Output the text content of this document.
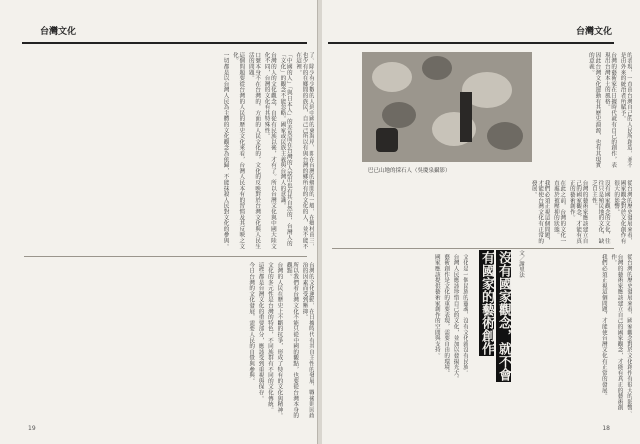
台灣文化
了。除少有少數的人到中國的東海岸，即在台灣的鄉間的一般，在鄉村由三，也少有的在鄉間的族民，自己己所以有與台灣的鄉所有的文化的人，並不能不在這裡。
「中國的人」「與日本人」的差異而在台灣的人說出也有其自然的，台灣人的「文化」的觀念不能忽略。國家或民族主義與台灣人的意識。
台灣的人的文化觀念，自從有民族以後，才有了。所以台灣文化與中國大陸文化不同，台灣的文化有其特殊性。
口號本身不在台灣的，方面的人民文化的，文化的反映對於台灣文化與人民生活的問題。
這個問題要從台灣的人民的歷史文化來看，台灣人民本有的習慣及其反映之文化。
一切都是以台灣人民為主體的文化觀念為依歸，不能抹殺人民對文化的參與。
台灣的文化運動，在日據時代有其自主性的發展，戰後則因政治的因素而受到壓抑。
所以我們看台灣文化不能只從中國的觀點，也要從台灣本身的觀點。
台灣的人民在歷史上不斷的抗爭，形成了特有的文化與精神。
文化的多元性是台灣的特色，不同族群有不同的文化傳統。
這些都是台灣文化的重要部分，應該受到重視與保存。
今日台灣的文化發展，需要人民的自覺與參與。
19
台灣文化
巴已山地的採石人（吳慶泉攝影）
的表現，一直由台灣自己的人民所創造，並不是由外來的統治者所賦予。
台灣的藝術家在日據時代就有自己的創作，表現出台灣本土的風格。
因此台灣文化運動有其歷史淵源，也有其現實的意義。
從台灣的歷史發展來看，國家觀念對於文化創作有很大的影響。
沒有國家觀念的文化，往往只是殖民地的文化，缺乏自主性。
台灣的藝術家應該建立自己的國家觀念，才能有真正的藝術創作。
在此之前，台灣的文化一直處於被壓抑的狀態。
我們必須正視這個問題，才能使台灣文化有正常的發展。
文化是一個民族的靈魂，沒有文化就沒有民族。
台灣人民應該珍惜自己的文化，並加以發揚光大。
藝術創作是文化的重要表現，需要自由的環境。
國家應該提供藝術家創作的空間與支持。	沒有國家觀念，就不會 有國家的藝術創作	文／謝里法	從台灣的歷史發展來看，國家觀念對於文化創作有很大的影響。
台灣的藝術家應該建立自己的國家觀念，才能有真正的藝術創作。
我們必須正視這個問題，才能使台灣文化有正常的發展。
18
